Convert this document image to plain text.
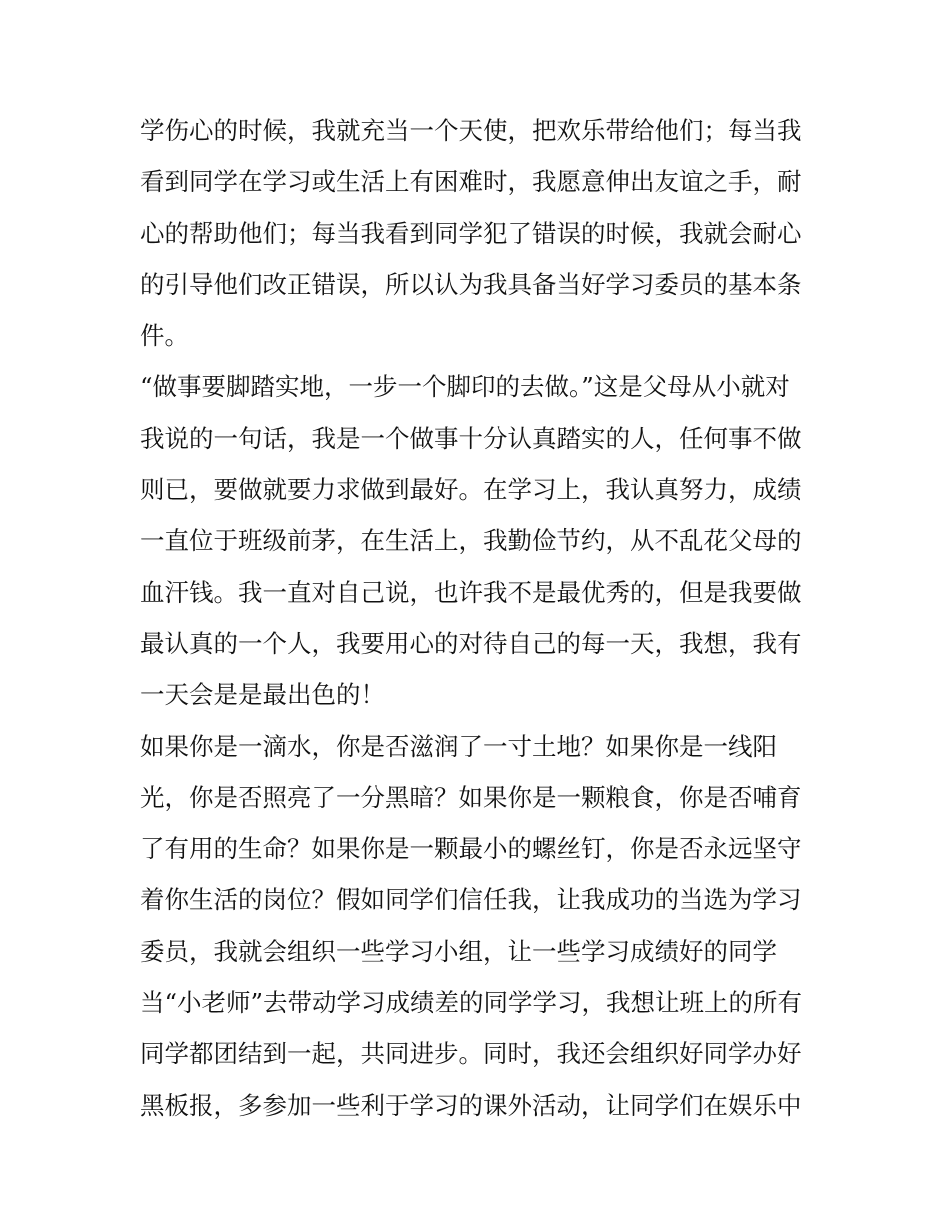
学伤心的时候，我就充当一个天使，把欢乐带给他们；每当我
看到同学在学习或生活上有困难时，我愿意伸出友谊之手，耐
心的帮助他们；每当我看到同学犯了错误的时候，我就会耐心
的引导他们改正错误，所以认为我具备当好学习委员的基本条
件。
“做事要脚踏实地，一步一个脚印的去做。”这是父母从小就对
我说的一句话，我是一个做事十分认真踏实的人，任何事不做
则已，要做就要力求做到最好。在学习上，我认真努力，成绩
一直位于班级前茅，在生活上，我勤俭节约，从不乱花父母的
血汗钱。我一直对自己说，也许我不是最优秀的，但是我要做
最认真的一个人，我要用心的对待自己的每一天，我想，我有
一天会是是最出色的！
如果你是一滴水，你是否滋润了一寸土地？如果你是一线阳
光，你是否照亮了一分黑暗？如果你是一颗粮食，你是否哺育
了有用的生命？如果你是一颗最小的螺丝钉，你是否永远坚守
着你生活的岗位？假如同学们信任我，让我成功的当选为学习
委员，我就会组织一些学习小组，让一些学习成绩好的同学
当“小老师”去带动学习成绩差的同学学习，我想让班上的所有
同学都团结到一起，共同进步。同时，我还会组织好同学办好
黑板报，多参加一些利于学习的课外活动，让同学们在娱乐中
